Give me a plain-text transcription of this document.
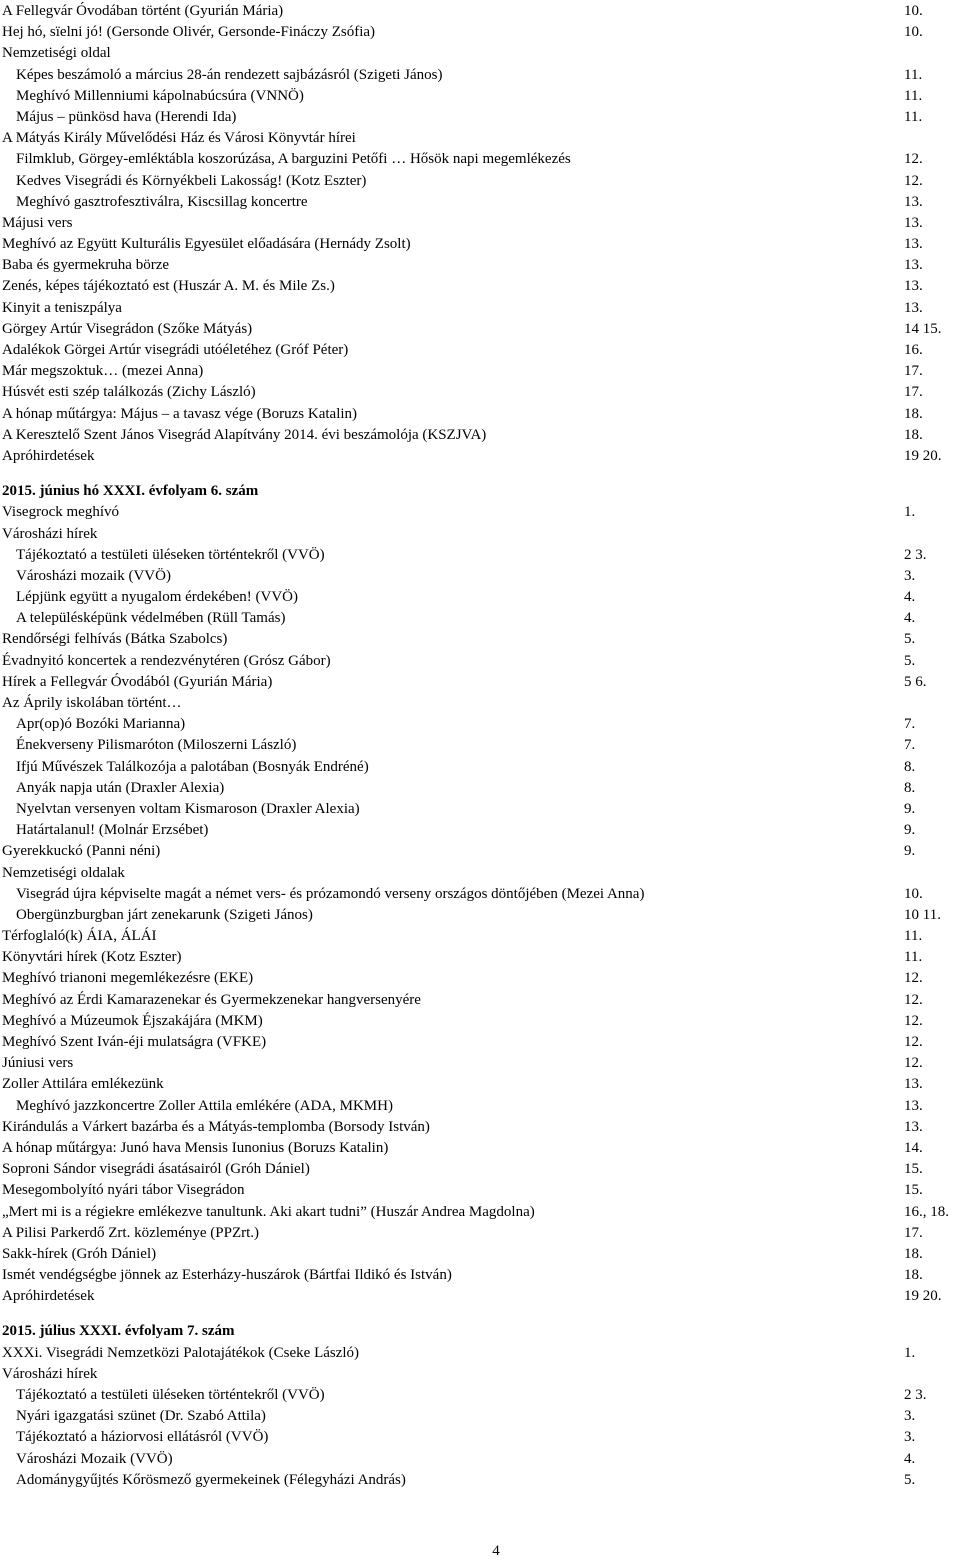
A Fellegvár Óvodában történt (Gyurián Mária)	10.
Hej hó, sïelni jó! (Gersonde Olivér, Gersonde-Fináczy Zsófia)	10.
Nemzetiségi oldal
Képes beszámoló a március 28-án rendezett sajbázásról (Szigeti János)	11.
Meghívó Millenniumi kápolnabúcsúra (VNNÖ)	11.
Május – pünkösd hava (Herendi Ida)	11.
A Mátyás Király Művelődési Ház és Városi Könyvtár hírei
Filmklub, Görgey-emléktábla koszorúzása, A barguzini Petőfi … Hősök napi megemlékezés	12.
Kedves Visegrádi és Környékbeli Lakosság! (Kotz Eszter)	12.
Meghívó gasztrofesztiválra, Kiscsillag koncertre	13.
Májusi vers	13.
Meghívó az Együtt Kulturális Egyesület előadására (Hernády Zsolt)	13.
Baba és gyermekruha börze	13.
Zenés, képes tájékoztató est (Huszár A. M. és Mile Zs.)	13.
Kinyit a teniszpálya	13.
Görgey Artúr Visegrádon (Szőke Mátyás)	14 15.
Adalékok Görgei Artúr visegrádi utóéletéhez (Gróf Péter)	16.
Már megszoktuk… (mezei Anna)	17.
Húsvét esti szép találkozás (Zichy László)	17.
A hónap műtárgya: Május – a tavasz vége (Boruzs Katalin)	18.
A Keresztelő Szent János Visegrád Alapítvány 2014. évi beszámolója (KSZJVA)	18.
Apróhirdetések	19 20.
2015. június hó XXXI. évfolyam 6. szám
Visegrock meghívó	1.
Városházi hírek
Tájékoztató a testületi üléseken történtekről (VVÖ)	2 3.
Városházi mozaik (VVÖ)	3.
Lépjünk együtt a nyugalom érdekében! (VVÖ)	4.
A településképünk védelmében (Rüll Tamás)	4.
Rendőrségi felhívás (Bátka Szabolcs)	5.
Évadnyitó koncertek a rendezvénytéren (Grósz Gábor)	5.
Hírek a Fellegvár Óvodából (Gyurián Mária)	5 6.
Az Áprily iskolában történt…
Apr(op)ó Bozóki Marianna)	7.
Énekverseny Pilismaróton (Miloszerni László)	7.
Ifjú Művészek Találkozója a palotában (Bosnyák Endréné)	8.
Anyák napja után (Draxler Alexia)	8.
Nyelvtan versenyen voltam Kismaroson (Draxler Alexia)	9.
Határtalanul! (Molnár Erzsébet)	9.
Gyerekkuckó (Panni néni)	9.
Nemzetiségi oldalak
Visegrád újra képviselte magát a német vers- és prózamondó verseny országos döntőjében (Mezei Anna)	10.
Obergünzburgban járt zenekarunk (Szigeti János)	10 11.
Térfoglaló(k) ÁIA, ÁLÁI	11.
Könyvtári hírek (Kotz Eszter)	11.
Meghívó trianoni megemlékezésre (EKE)	12.
Meghívó az Érdi Kamarazenekar és Gyermekzenekar hangversenyére	12.
Meghívó a Múzeumok Éjszakájára (MKM)	12.
Meghívó Szent Iván-éji mulatságra (VFKE)	12.
Júniusi vers	12.
Zoller Attilára emlékezünk	13.
Meghívó jazzkoncertre Zoller Attila emlékére (ADA, MKMH)	13.
Kirándulás a Várkert bazárba és a Mátyás-templomba (Borsody István)	13.
A hónap műtárgya: Junó hava Mensis Iunonius (Boruzs Katalin)	14.
Soproni Sándor visegrádi ásatásairól (Gróh Dániel)	15.
Mesegombolyító nyári tábor Visegrádon	15.
„Mert mi is a régiekre emlékezve tanultunk. Aki akart tudni” (Huszár Andrea Magdolna)	16., 18.
A Pilisi Parkerdő Zrt. közleménye (PPZrt.)	17.
Sakk-hírek (Gróh Dániel)	18.
Ismét vendégségbe jönnek az Esterházy-huszárok (Bártfai Ildikó és István)	18.
Apróhirdetések	19 20.
2015. július XXXI. évfolyam 7. szám
XXXi. Visegrádi Nemzetközi Palotajátékok (Cseke László)	1.
Városházi hírek
Tájékoztató a testületi üléseken történtekről (VVÖ)	2 3.
Nyári igazgatási szünet (Dr. Szabó Attila)	3.
Tájékoztató a háziorvosi ellátásról (VVÖ)	3.
Városházi Mozaik (VVÖ)	4.
Adománygyűjtés Kőrösmező gyermekeinek (Félegyházi András)	5.
4
